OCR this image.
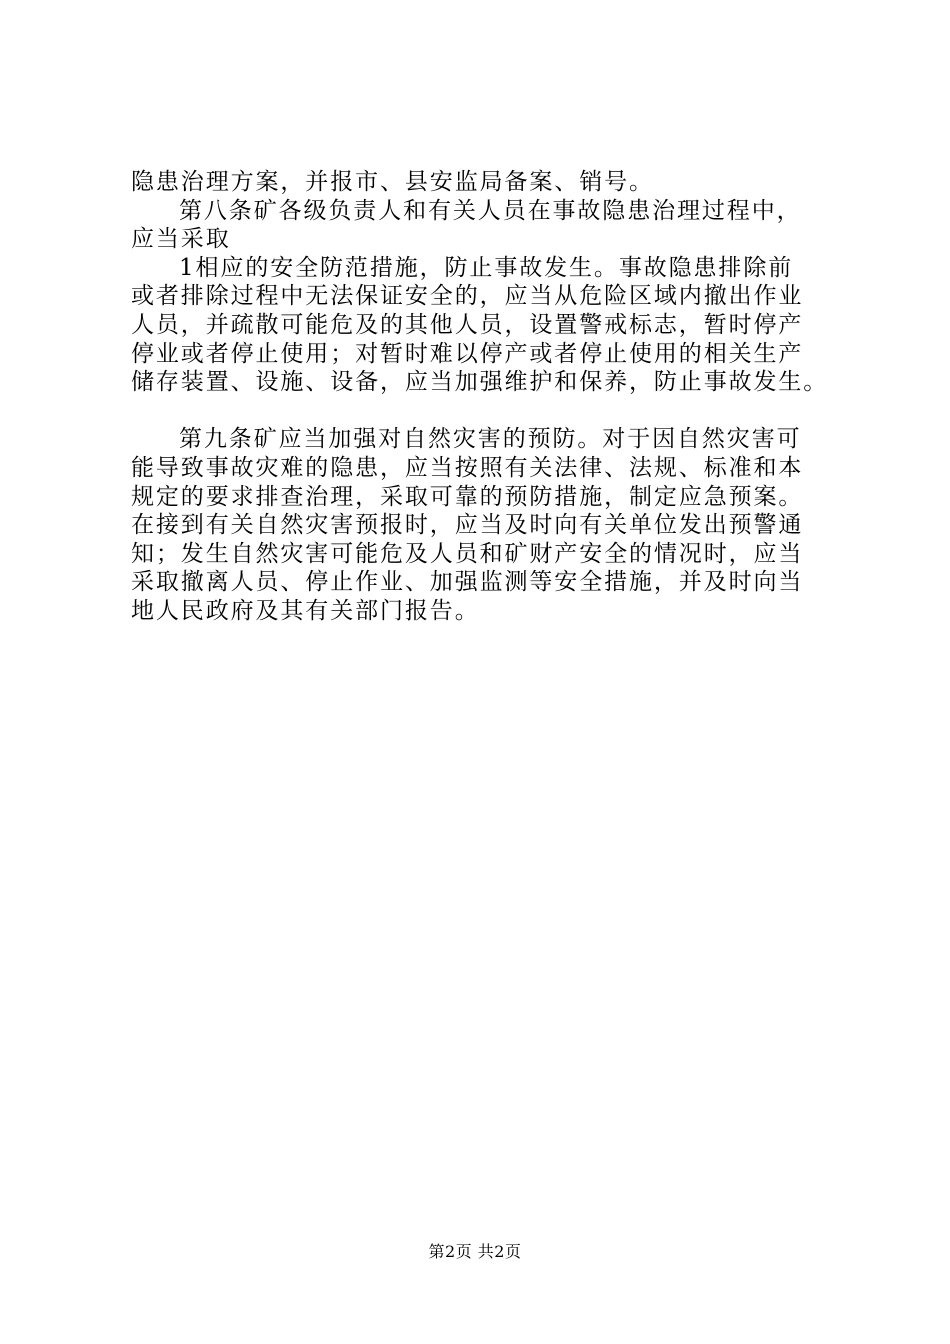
隐患治理方案，并报市、县安监局备案、销号。
第八条矿各级负责人和有关人员在事故隐患治理过程中，
应当采取
1相应的安全防范措施，防止事故发生。事故隐患排除前
或者排除过程中无法保证安全的，应当从危险区域内撤出作业
人员，并疏散可能危及的其他人员，设置警戒标志，暂时停产
停业或者停止使用；对暂时难以停产或者停止使用的相关生产
储存装置、设施、设备，应当加强维护和保养，防止事故发生。
第九条矿应当加强对自然灾害的预防。对于因自然灾害可
能导致事故灾难的隐患，应当按照有关法律、法规、标准和本
规定的要求排查治理，采取可靠的预防措施，制定应急预案。
在接到有关自然灾害预报时，应当及时向有关单位发出预警通
知；发生自然灾害可能危及人员和矿财产安全的情况时，应当
采取撤离人员、停止作业、加强监测等安全措施，并及时向当
地人民政府及其有关部门报告。
第2页 共2页
